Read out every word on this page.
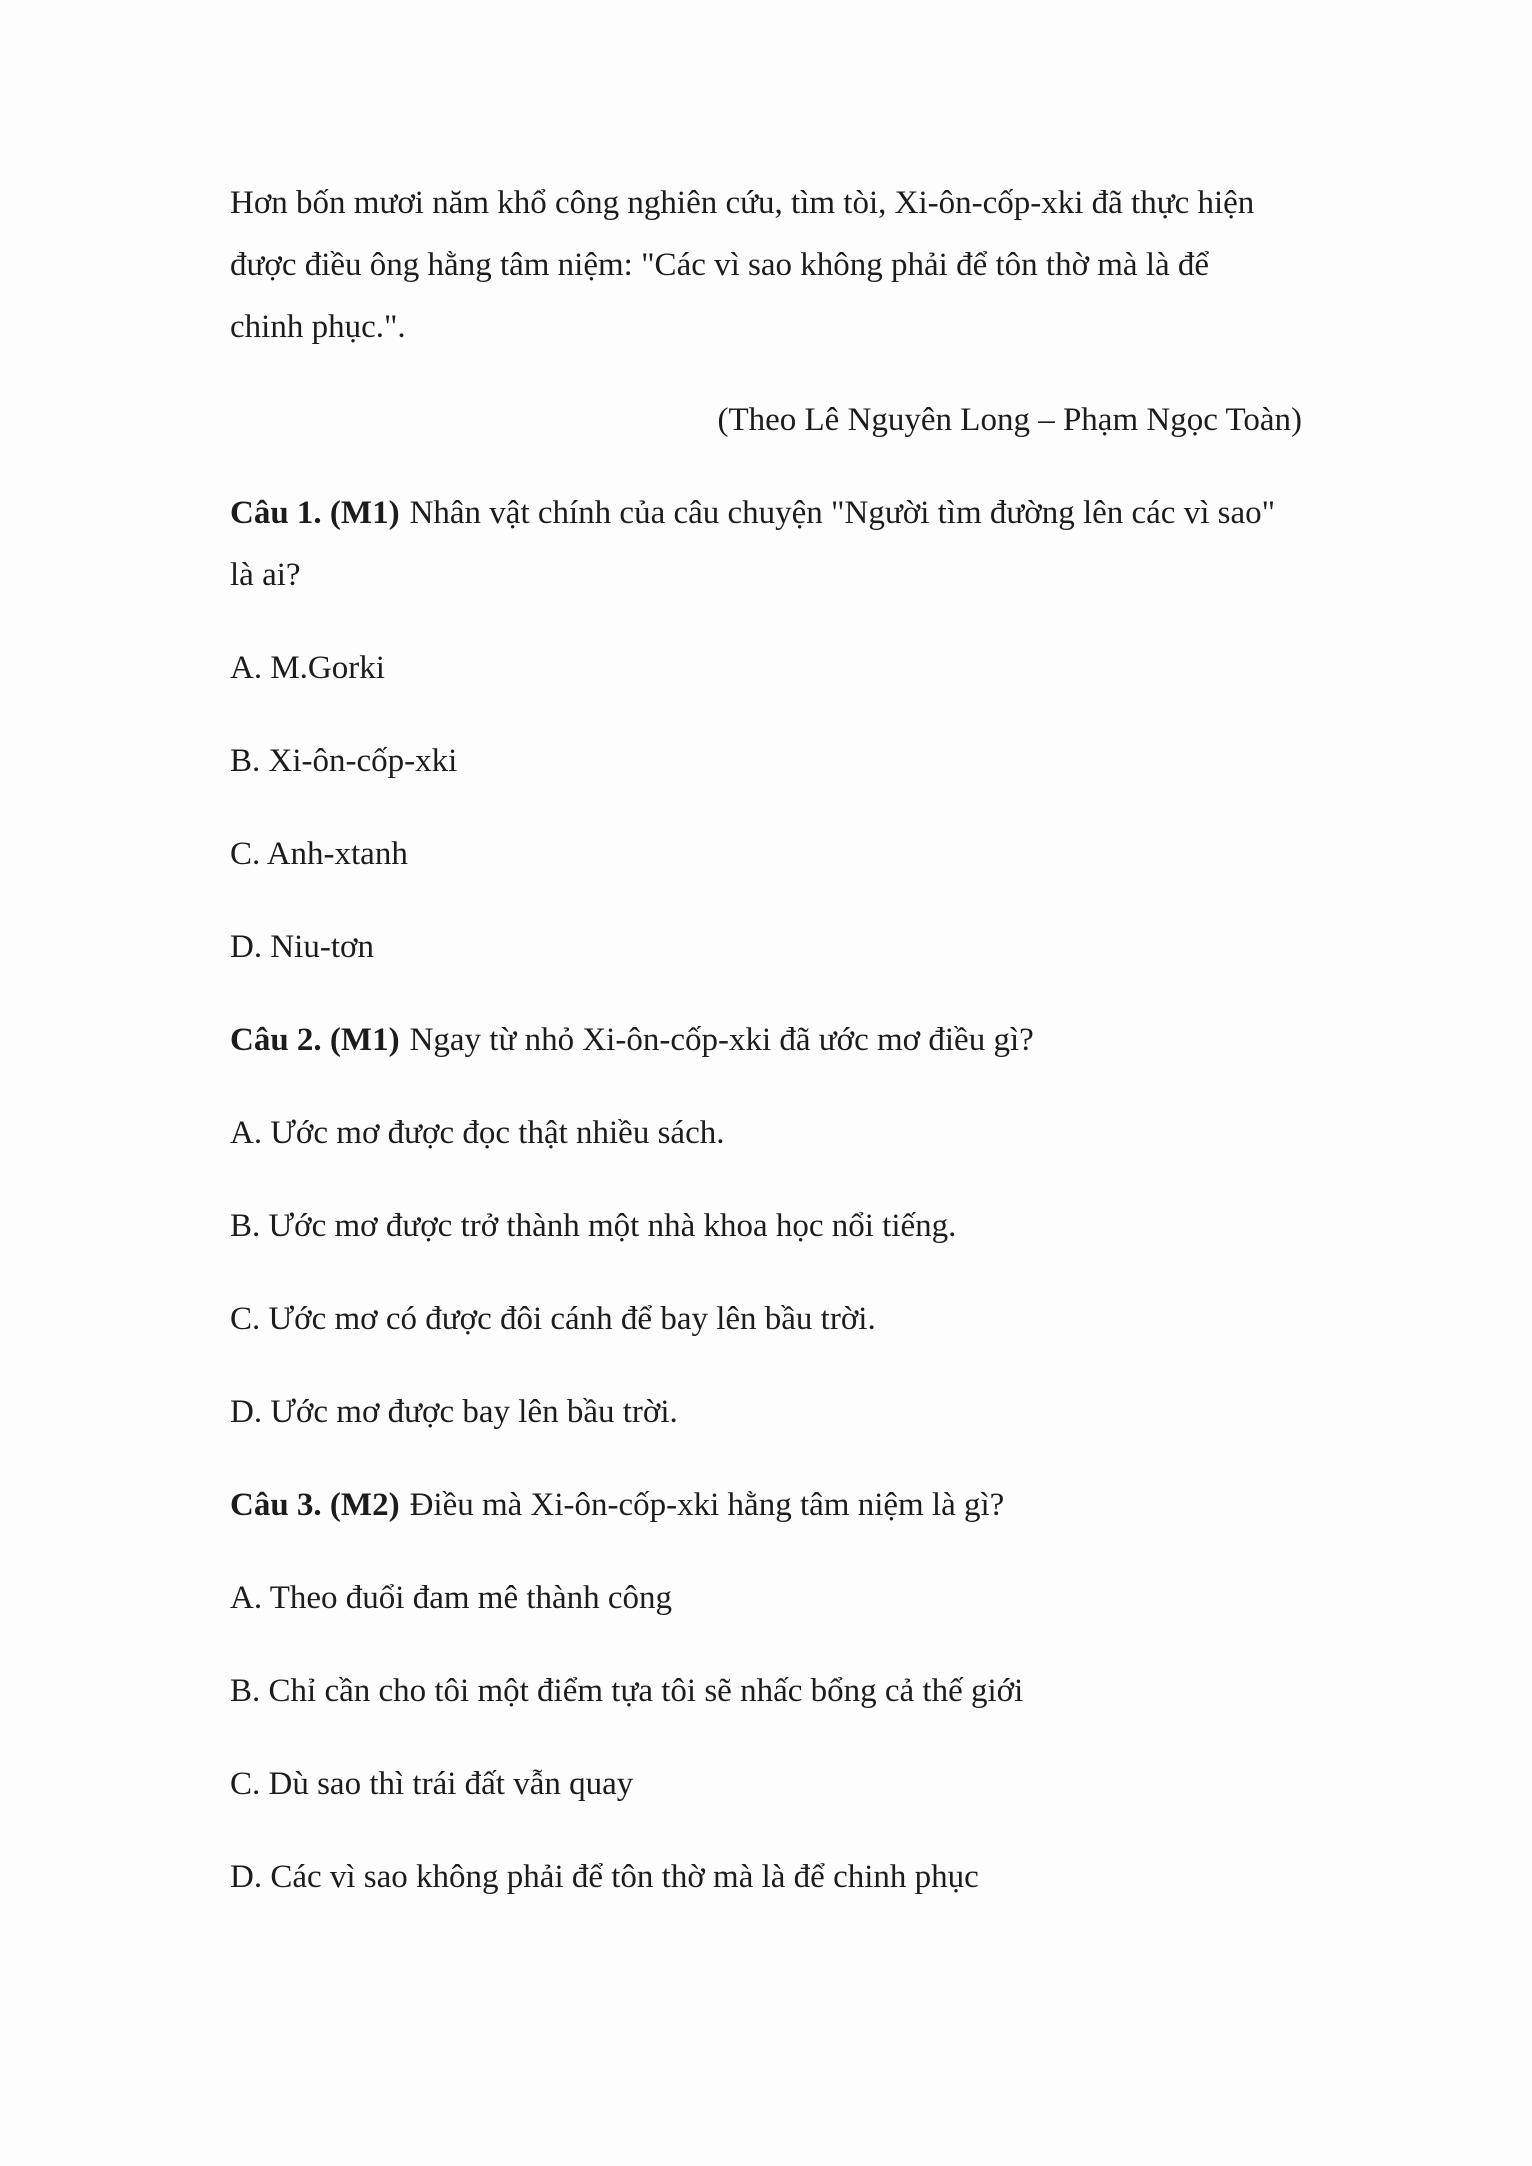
Hơn bốn mươi năm khổ công nghiên cứu, tìm tòi, Xi-ôn-cốp-xki đã thực hiện
được điều ông hằng tâm niệm: "Các vì sao không phải để tôn thờ mà là để
chinh phục.".
(Theo Lê Nguyên Long – Phạm Ngọc Toàn)
Câu 1. (M1) Nhân vật chính của câu chuyện "Người tìm đường lên các vì sao"
là ai?
A. M.Gorki
B. Xi-ôn-cốp-xki
C. Anh-xtanh
D. Niu-tơn
Câu 2. (M1) Ngay từ nhỏ Xi-ôn-cốp-xki đã ước mơ điều gì?
A. Ước mơ được đọc thật nhiều sách.
B. Ước mơ được trở thành một nhà khoa học nổi tiếng.
C. Ước mơ có được đôi cánh để bay lên bầu trời.
D. Ước mơ được bay lên bầu trời.
Câu 3. (M2) Điều mà Xi-ôn-cốp-xki hằng tâm niệm là gì?
A. Theo đuổi đam mê thành công
B. Chỉ cần cho tôi một điểm tựa tôi sẽ nhấc bổng cả thế giới
C. Dù sao thì trái đất vẫn quay
D. Các vì sao không phải để tôn thờ mà là để chinh phục
